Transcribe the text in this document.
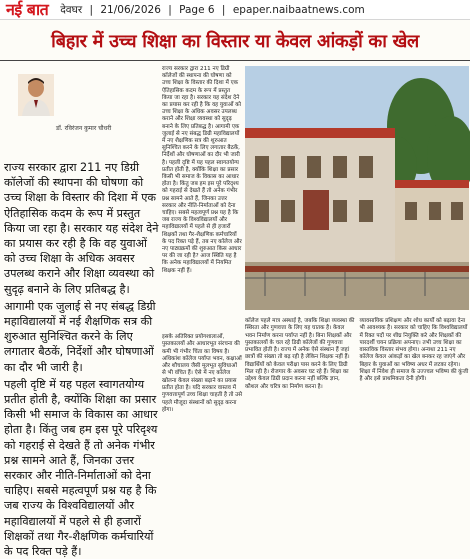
नई बात देवघर | 21/06/2026 | Page 6 | epaper.naibaatnews.com
बिहार में उच्च शिक्षा का विस्तार या केवल आंकड़ों का खेल
डॉ. रविरंजन कुमार चौधरी

राज्य सरकार द्वारा 211 नए डिग्री कॉलेजों की स्थापना की घोषणा को उच्च शिक्षा के विस्तार की दिशा में एक ऐतिहासिक कदम के रूप में प्रस्तुत किया जा रहा है। सरकार यह संदेश देने का प्रयास कर रही है कि वह युवाओं को उच्च शिक्षा के अधिक अवसर उपलब्ध कराने और शिक्षा व्यवस्था को सुदृढ़ बनाने के लिए प्रतिबद्ध है।

आगामी एक जुलाई से नए संबद्ध डिग्री महाविद्यालयों में नई शैक्षणिक सत्र की शुरुआत सुनिश्चित करने के लिए लगातार बैठकें, निर्देशों और घोषणाओं का दौर भी जारी है।

पहली दृष्टि में यह पहल स्वागतयोग्य प्रतीत होती है, क्योंकि शिक्षा का प्रसार किसी भी समाज के विकास का आधार होता है। किंतु जब हम इस पूरे परिदृश्य को गहराई से देखते हैं तो अनेक गंभीर प्रश्न सामने आते हैं, जिनका उत्तर सरकार और नीति-निर्माताओं को देना चाहिए। सबसे महत्वपूर्ण प्रश्न यह है कि जब राज्य के विश्वविद्यालयों और महाविद्यालयों में पहले से ही हजारों शिक्षकों तथा गैर-शैक्षणिक कर्मचारियों के पद रिक्त पड़े हैं।

राज्य सरकार द्वारा 211 नए डिग्री कॉलेजों की स्थापना की घोषणा को उच्च शिक्षा के विस्तार की दिशा में एक ऐतिहासिक कदम के रूप में प्रस्तुत किया जा रहा है। सरकार यह संदेश देने का प्रयास कर रही है कि वह युवाओं को उच्च शिक्षा के अधिक अवसर उपलब्ध कराने और शिक्षा व्यवस्था को सुदृढ़ बनाने के लिए प्रतिबद्ध है। आगामी एक जुलाई से नए संबद्ध डिग्री महाविद्यालयों में नए शैक्षणिक सत्र की शुरुआत सुनिश्चित करने के लिए लगातार बैठकें, निर्देशों और घोषणाओं का दौर भी जारी है। पहली दृष्टि में यह पहल स्वागतयोग्य प्रतीत होती है, क्योंकि शिक्षा का प्रसार किसी भी समाज के विकास का आधार होता है। किंतु जब हम इस पूरे परिदृश्य को गहराई से देखते हैं तो अनेक गंभीर प्रश्न सामने आते हैं, जिनका उत्तर सरकार और नीति-निर्माताओं को देना चाहिए। सबसे महत्वपूर्ण प्रश्न यह है कि जब राज्य के विश्वविद्यालयों और महाविद्यालयों में पहले से ही हजारों शिक्षकों तथा गैर-शैक्षणिक कर्मचारियों के पद रिक्त पड़े हैं, तब नए कॉलेज और नए पाठ्यक्रमों की शुरुआत किस आधार पर की जा रही है? आज स्थिति यह है कि अनेक महाविद्यालयों में नियमित शिक्षक नहीं हैं।
इसके अतिरिक्त प्रयोगशालाओं, पुस्तकालयों और आधारभूत संरचना की कमी भी गंभीर चिंता का विषय है। अधिकांश कॉलेज पर्याप्त भवन, कक्षाओं और शौचालय जैसी मूलभूत सुविधाओं से भी वंचित हैं। ऐसे में नए कॉलेज खोलना केवल संख्या बढ़ाने का प्रयास प्रतीत होता है। यदि सरकार वास्तव में गुणवत्तापूर्ण उच्च शिक्षा चाहती है तो उसे पहले मौजूदा संस्थानों को सुदृढ़ करना होगा।
कॉलेज पहले मात्र अस्थाई है, जबकि शिक्षा व्यवस्था की स्थिरता और गुणवत्ता के लिए यह घातक है। केवल भवन निर्माण करना पर्याप्त नहीं है। बिना शिक्षकों और पुस्तकालयों के चल रहे डिग्री कॉलेजों की गुणवत्ता प्रभावित होती है। राज्य में अनेक ऐसे संस्थान हैं जहां छात्रों की संख्या तो बढ़ रही है लेकिन शिक्षक नहीं हैं। विद्यार्थियों को केवल परीक्षा पास करने के लिए डिग्री मिल रही है। रोजगार के अवसर घट रहे हैं। शिक्षा का उद्देश्य केवल डिग्री प्रदान करना नहीं बल्कि ज्ञान, कौशल और चरित्र का निर्माण करना है।
व्यावसायिक प्रशिक्षण और शोध कार्यों को बढ़ावा देना भी आवश्यक है। सरकार को चाहिए कि विश्वविद्यालयों में रिक्त पदों पर शीघ्र नियुक्ति करे और शिक्षकों की पारदर्शी चयन प्रक्रिया अपनाए। तभी उच्च शिक्षा का वास्तविक विस्तार संभव होगा। अन्यथा 211 नए कॉलेज केवल आंकड़ों का खेल बनकर रह जाएंगे और बिहार के युवाओं का भविष्य अधर में लटका रहेगा। शिक्षा में निवेश ही समाज के उज्ज्वल भविष्य की कुंजी है और इसे प्राथमिकता देनी होगी।
